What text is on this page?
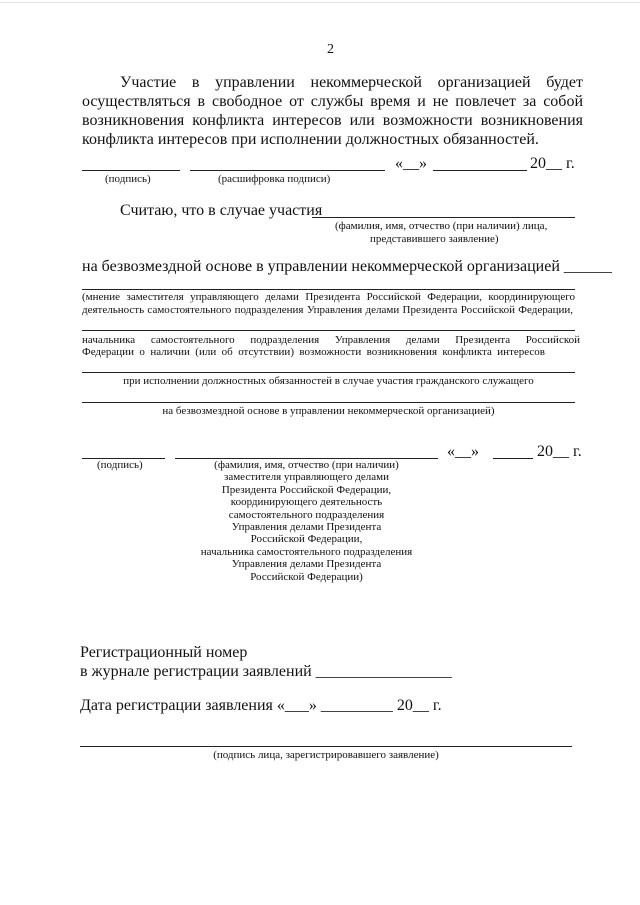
2
Участие в управлении некоммерческой организацией будет
осуществляться в свободное от службы время и не повлечет за собой
возникновения конфликта интересов или возможности возникновения
конфликта интересов при исполнении должностных обязанностей.
«__»	20__ г.
(подпись)	(расшифровка подписи)
Считаю, что в случае участия
(фамилия, имя, отчество (при наличии) лица,
представившего заявление)
на безвозмездной основе в управлении некоммерческой организацией ______
(мнение заместителя управляющего делами Президента Российской Федерации, координирующего
деятельность самостоятельного подразделения Управления делами Президента Российской Федерации,
начальника самостоятельного подразделения Управления делами Президента Российской
Федерации о наличии (или об отсутствии) возможности возникновения конфликта интересов
при исполнении должностных обязанностей в случае участия гражданского служащего
на безвозмездной основе в управлении некоммерческой организацией)
«__»	20__ г.
(подпись)	(фамилия, имя, отчество (при наличии)
заместителя управляющего делами
Президента Российской Федерации,
координирующего деятельность
самостоятельного подразделения
Управления делами Президента
Российской Федерации,
начальника самостоятельного подразделения
Управления делами Президента
Российской Федерации)
Регистрационный номер
в журнале регистрации заявлений _________________
Дата регистрации заявления «___» _________ 20__ г.
(подпись лица, зарегистрировавшего заявление)
